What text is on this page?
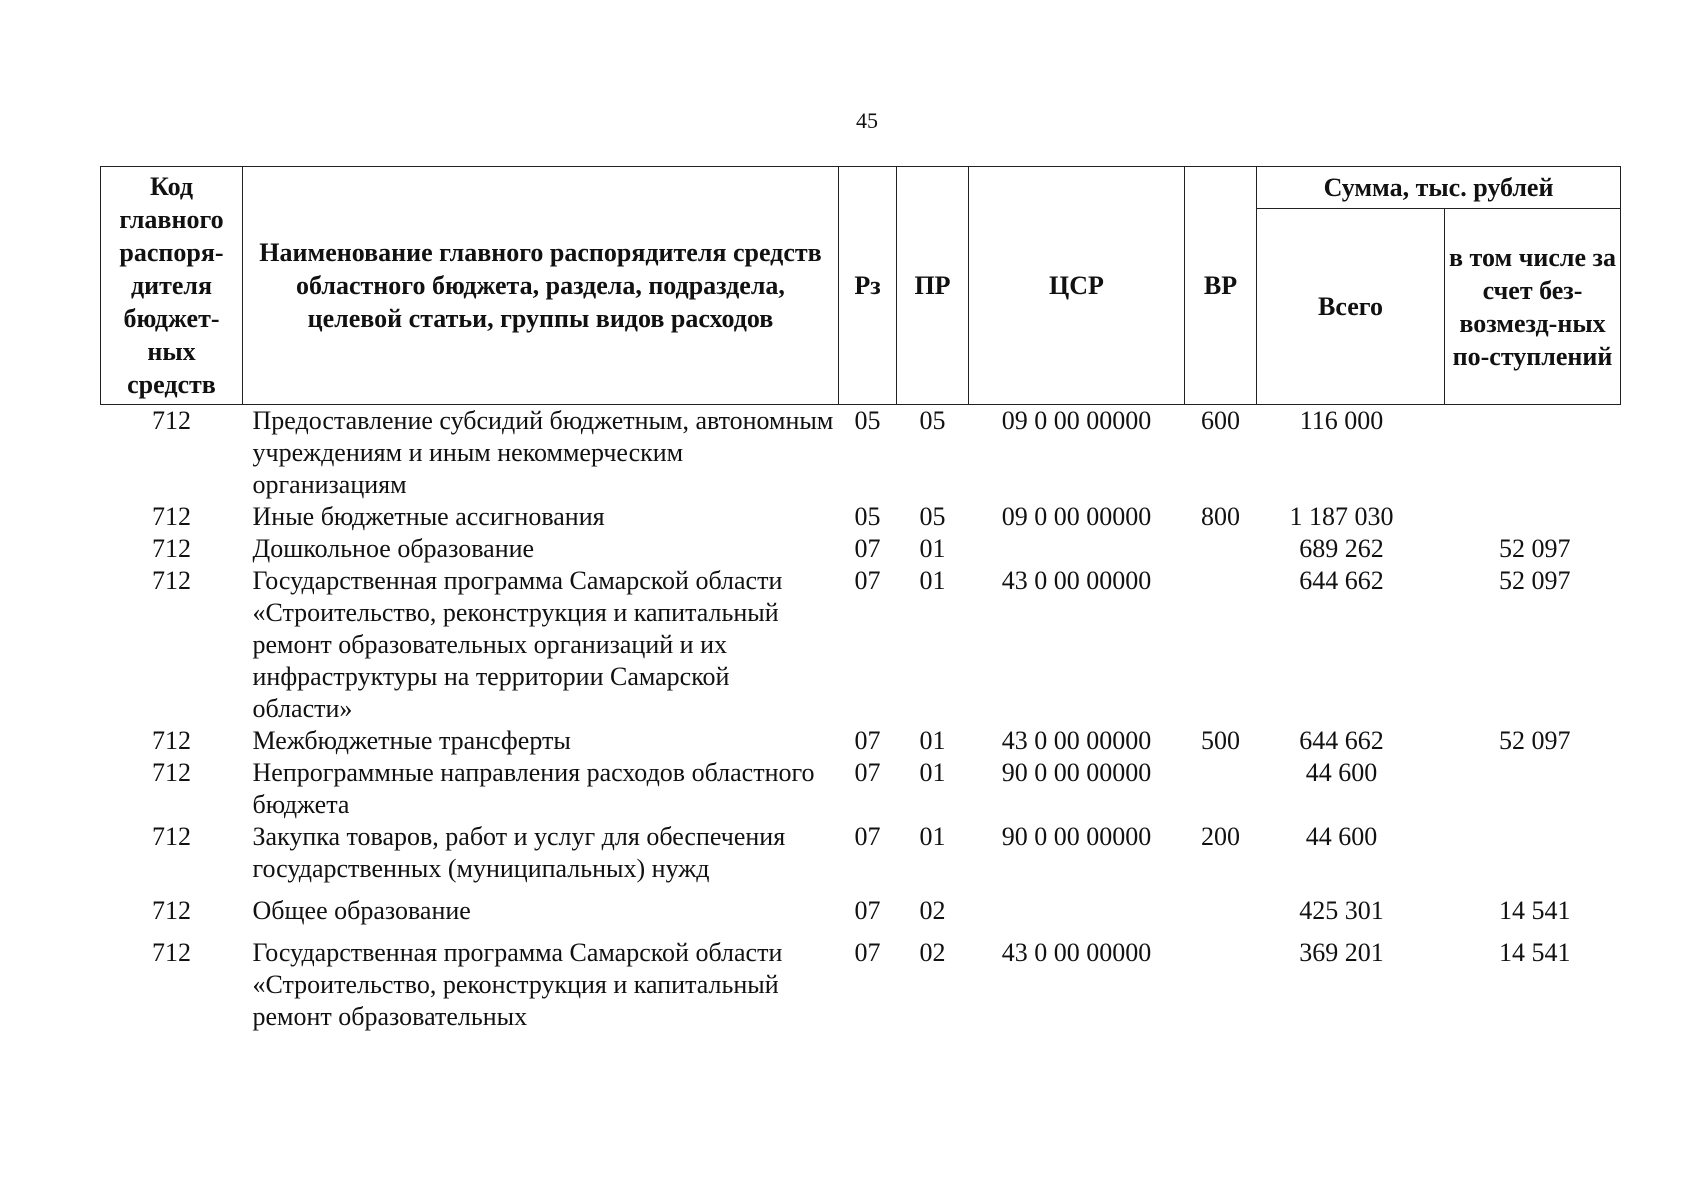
45
Код главного распоря-дителя бюджет-ных средств	Наименование главного распорядителя средств областного бюджета, раздела, подраздела, целевой статьи, группы видов расходов	Рз	ПР	ЦСР	ВР	Сумма, тыс. рублей	
						Всего	в том числе за счет без-возмезд-ных по-ступлений
712	Предоставление субсидий бюджетным, автономным учреждениям и иным некоммерческим организациям	05	05	09 0 00 00000	600	116 000	
712	Иные бюджетные ассигнования	05	05	09 0 00 00000	800	1 187 030	
712	Дошкольное образование	07	01			689 262	52 097
712	Государственная программа Самарской области «Строительство, реконструкция и капитальный ремонт образовательных организаций и их инфраструктуры на территории Самарской области»	07	01	43 0 00 00000		644 662	52 097
712	Межбюджетные трансферты	07	01	43 0 00 00000	500	644 662	52 097
712	Непрограммные направления расходов областного бюджета	07	01	90 0 00 00000		44 600	
712	Закупка товаров, работ и услуг для обеспечения государственных (муниципальных) нужд	07	01	90 0 00 00000	200	44 600	

712	Общее образование	07	02			425 301	14 541

712	Государственная программа Самарской области «Строительство, реконструкция и капитальный ремонт образовательных	07	02	43 0 00 00000		369 201	14 541
